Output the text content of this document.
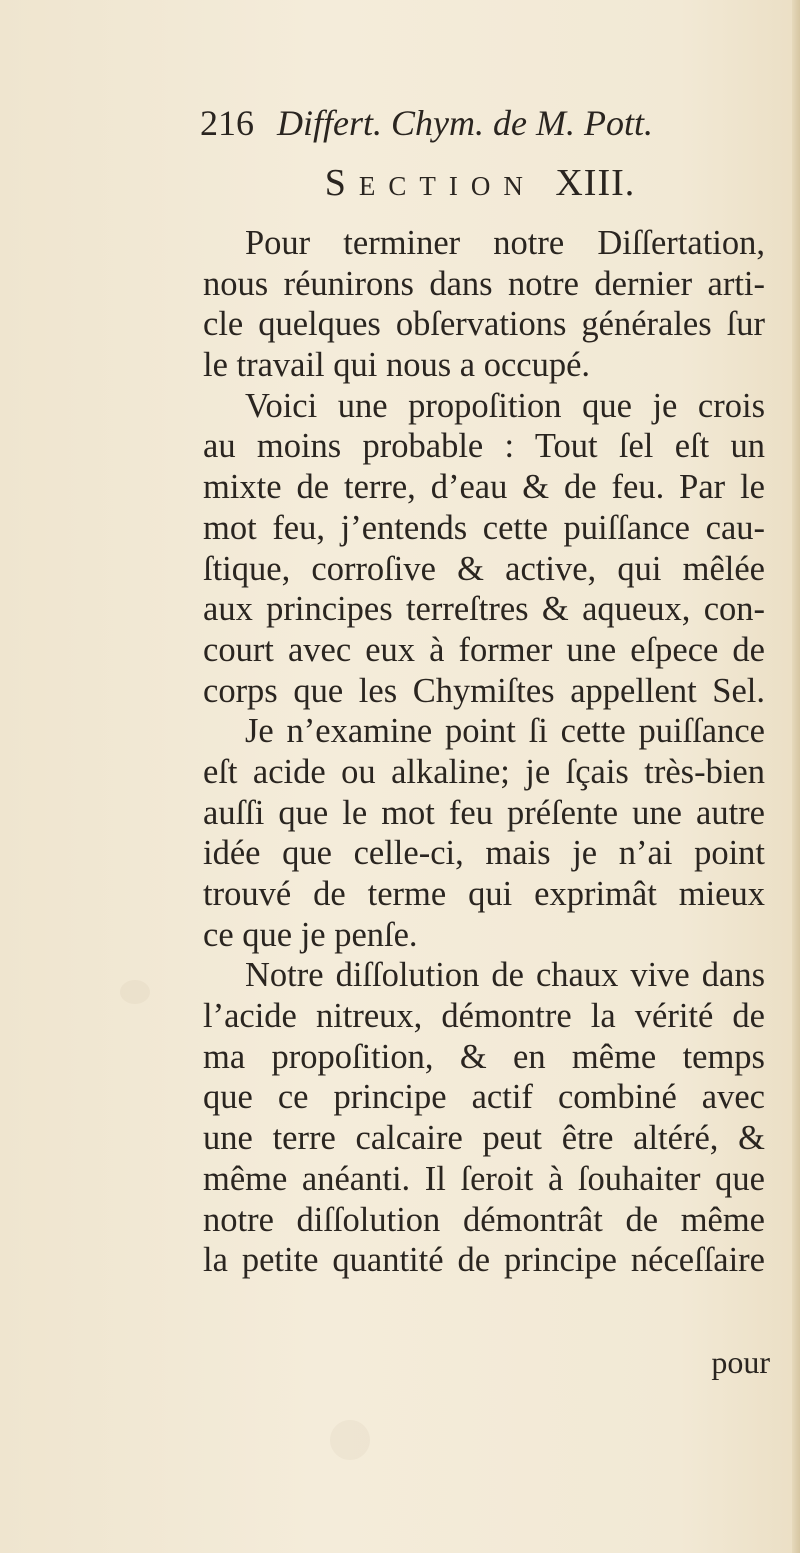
216 Differt. Chym. de M. Pott.
Section XIII.
Pour terminer notre Diſſertation,
nous réunirons dans notre dernier arti-
cle quelques obſervations générales ſur
le travail qui nous a occupé.
Voici une propoſition que je crois
au moins probable : Tout ſel eſt un
mixte de terre, d’eau & de feu. Par le
mot feu, j’entends cette puiſſance cau-
ſtique, corroſive & active, qui mêlée
aux principes terreſtres & aqueux, con-
court avec eux à former une eſpece de
corps que les Chymiſtes appellent Sel.
Je n’examine point ſi cette puiſſance
eſt acide ou alkaline; je ſçais très-bien
auſſi que le mot feu préſente une autre
idée que celle-ci, mais je n’ai point
trouvé de terme qui exprimât mieux
ce que je penſe.
Notre diſſolution de chaux vive dans
l’acide nitreux, démontre la vérité de
ma propoſition, & en même temps
que ce principe actif combiné avec
une terre calcaire peut être altéré, &
même anéanti. Il ſeroit à ſouhaiter que
notre diſſolution démontrât de même
la petite quantité de principe néceſſaire
pour
